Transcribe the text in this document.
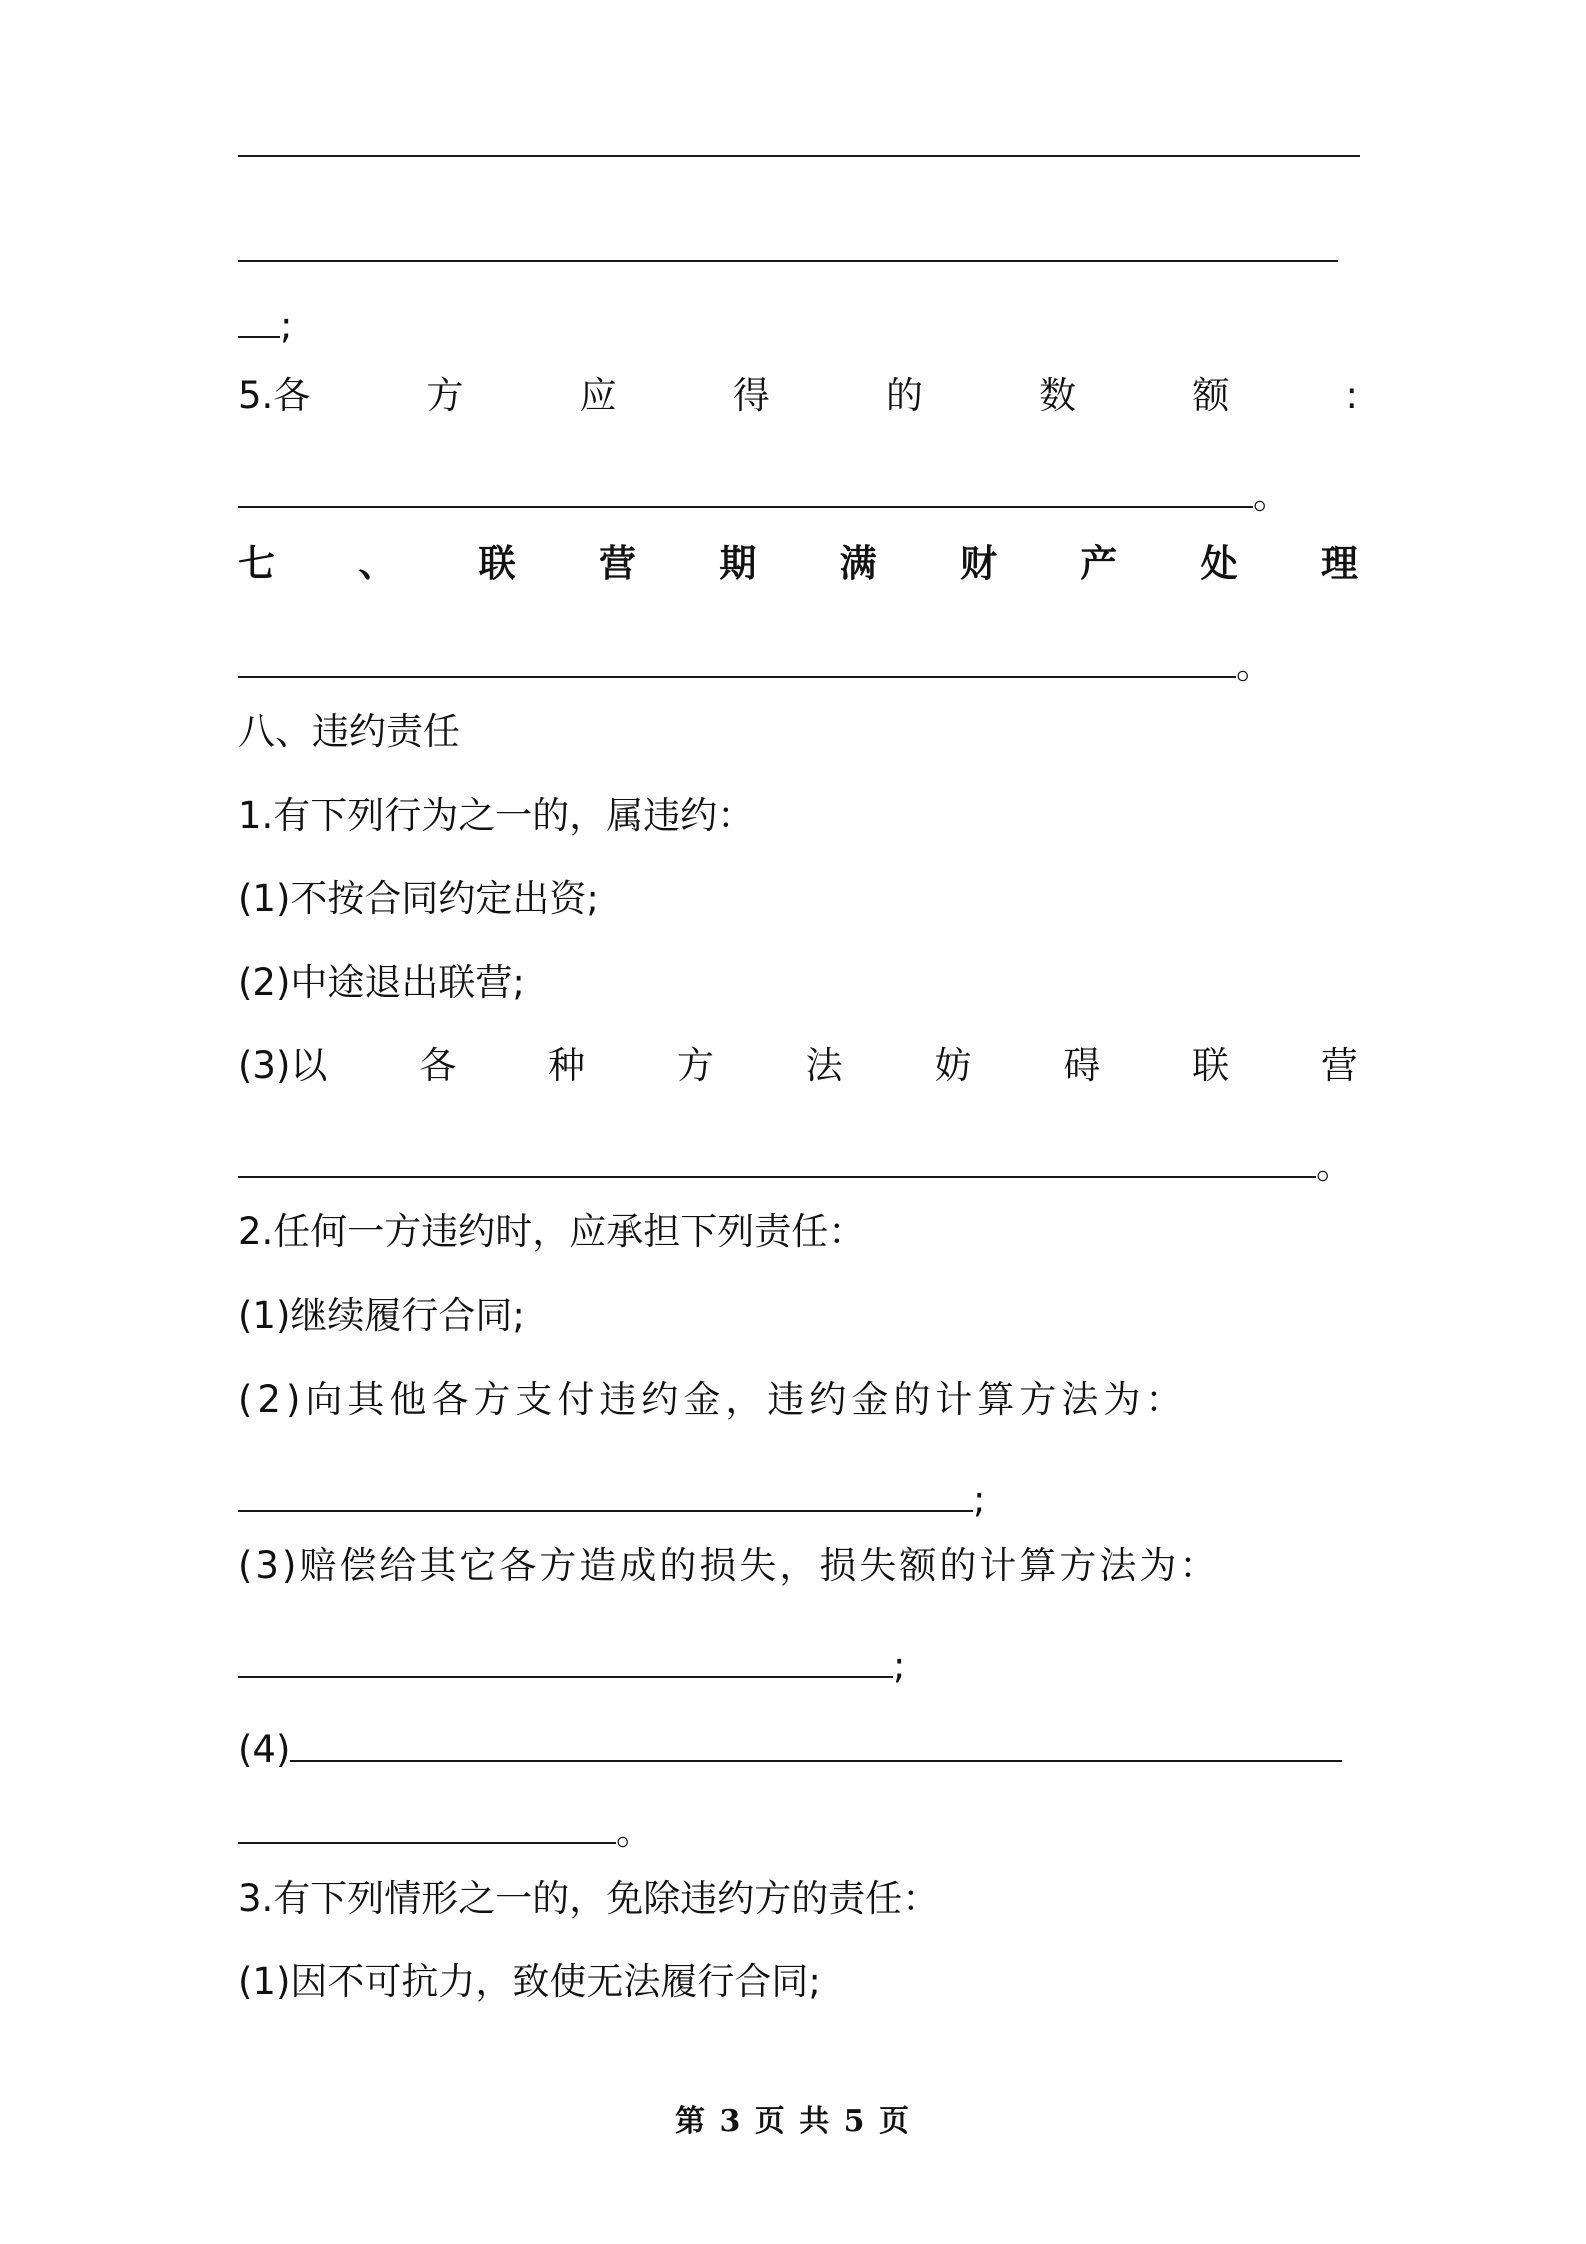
;
5.各	方	应	得	的	数	额	:
。
七 、 联 营 期 满 财 产 处 理
。
八、违约责任
1.有下列行为之一的，属违约：
(1)不按合同约定出资;
(2)中途退出联营;
(3)以 各 种 方 法 妨 碍 联 营
。
2.任何一方违约时，应承担下列责任：
(1)继续履行合同;
(2)向其他各方支付违约金，违约金的计算方法为：
;
(3)赔偿给其它各方造成的损失，损失额的计算方法为：
;
(4)
。
3.有下列情形之一的，免除违约方的责任：
(1)因不可抗力，致使无法履行合同;
第 3 页 共 5 页
